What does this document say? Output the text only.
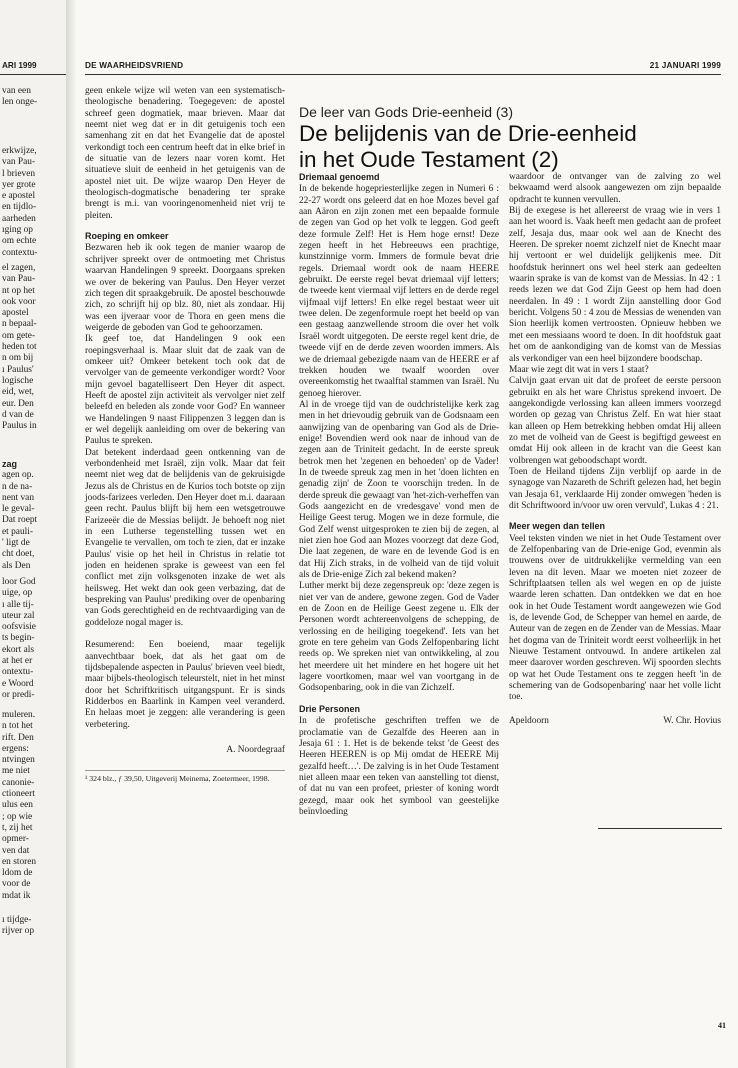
ARI 1999
van een
len onge-
erkwijze,
van Pau-
l brieven
yer grote
e apostel
en tijdlo-
aarheden
ıging op
om echte
contextu-
el zagen,
van Pau-
nt op het
ook voor
apostel
n bepaal-
om gete-
heden tot
n om bij
ı Paulus'
logische
eid, wet,
eur. Den
d van de
Paulus in
zag
agen op.
n de na-
nent van
le geval-
Dat roept
et pauli-
' ligt de
cht doet,
als Den
loor God
uige, op
ı alle tij-
uteur zal
oofsvisie
ts begin-
ekort als
at het er
ontextu-
e Woord
or predi-
muleren.
n tot het
rift. Den
ergens:
ntvingen
me niet
canonie-
ctioneert
ulus een
; op wie
t, zij het
opmer-
ven dat
en storen
ldom de
voor de
mdat ik
ı tijdge-
rijver op
DE WAARHEIDSVRIEND	21 JANUARI 1999

geen enkele wijze wil weten van een systematisch-theologische benadering. Toegegeven: de apostel schreef geen dogmatiek, maar brieven. Maar dat neemt niet weg dat er in dit getuigenis toch een samenhang zit en dat het Evangelie dat de apostel verkondigt toch een centrum heeft dat in elke brief in de situatie van de lezers naar voren komt. Het situatieve sluit de eenheid in het getuigenis van de apostel niet uit. De wijze waarop Den Heyer de theologisch-dogmatische benadering ter sprake brengt is m.i. van vooringenomenheid niet vrij te pleiten.

Roeping en omkeer

Bezwaren heb ik ook tegen de manier waarop de schrijver spreekt over de ontmoeting met Christus waarvan Handelingen 9 spreekt. Doorgaans spreken we over de bekering van Paulus. Den Heyer verzet zich tegen dit spraakgebruik. De apostel beschouwde zich, zo schrijft hij op blz. 80, niet als zondaar. Hij was een ijveraar voor de Thora en geen mens die weigerde de geboden van God te gehoorzamen.

Ik geef toe, dat Handelingen 9 ook een roepingsverhaal is. Maar sluit dat de zaak van de omkeer uit? Omkeer betekent toch ook dat de vervolger van de gemeente verkondiger wordt? Voor mijn gevoel bagatelliseert Den Heyer dit aspect. Heeft de apostel zijn activiteit als vervolger niet zelf beleefd en beleden als zonde voor God? En wanneer we Handelingen 9 naast Filippenzen 3 leggen dan is er wel degelijk aanleiding om over de bekering van Paulus te spreken.

Dat betekent inderdaad geen ontkenning van de verbondenheid met Israël, zijn volk. Maar dat feit neemt niet weg dat de belijdenis van de gekruisigde Jezus als de Christus en de Kurios toch botste op zijn joods-farizees verleden. Den Heyer doet m.i. daaraan geen recht. Paulus blijft bij hem een wetsgetrouwe Farizeeër die de Messias belijdt. Je behoeft nog niet in een Lutherse tegenstelling tussen wet en Evangelie te vervallen, om toch te zien, dat er inzake Paulus' visie op het heil in Christus in relatie tot joden en heidenen sprake is geweest van een fel conflict met zijn volksgenoten inzake de wet als heilsweg. Het wekt dan ook geen verbazing, dat de bespreking van Paulus' prediking over de openbaring van Gods gerechtigheid en de rechtvaardiging van de goddeloze nogal mager is.

Resumerend: Een boeiend, maar tegelijk aanvechtbaar boek, dat als het gaat om de tijdsbepalende aspecten in Paulus' brieven veel biedt, maar bijbels-theologisch teleurstelt, niet in het minst door het Schriftkritisch uitgangspunt. Er is sinds Ridderbos en Baarlink in Kampen veel veranderd. En helaas moet je zeggen: alle verandering is geen verbetering.

A. Noordegraaf
¹ 324 blz., ƒ 39,50, Uitgeverij Meinema, Zoetermeer, 1998.
De leer van Gods Drie-eenheid (3)
De belijdenis van de Drie-eenheid
in het Oude Testament (2)
Driemaal genoemd

In de bekende hogepriesterlijke zegen in Numeri 6 : 22-27 wordt ons geleerd dat en hoe Mozes bevel gaf aan Aäron en zijn zonen met een bepaalde formule de zegen van God op het volk te leggen. God geeft deze formule Zelf! Het is Hem hoge ernst! Deze zegen heeft in het Hebreeuws een prachtige, kunstzinnige vorm. Immers de formule bevat drie regels. Driemaal wordt ook de naam HEERE gebruikt. De eerste regel bevat driemaal vijf letters; de tweede kent viermaal vijf letters en de derde regel vijfmaal vijf letters! En elke regel bestaat weer uit twee delen. De zegenformule roept het beeld op van een gestaag aanzwellende stroom die over het volk Israël wordt uitgegoten. De eerste regel kent drie, de tweede vijf en de derde zeven woorden immers. Als we de driemaal gebezigde naam van de HEERE er af trekken houden we twaalf woorden over overeenkomstig het twaalftal stammen van Israël. Nu genoeg hierover.

Al in de vroege tijd van de oudchristelijke kerk zag men in het drievoudig gebruik van de Godsnaam een aanwijzing van de openbaring van God als de Drie-enige! Bovendien werd ook naar de inhoud van de zegen aan de Triniteit gedacht. In de eerste spreuk betrok men het 'zegenen en behoeden' op de Vader! In de tweede spreuk zag men in het 'doen lichten en genadig zijn' de Zoon te voorschijn treden. In de derde spreuk die gewaagt van 'het-zich-verheffen van Gods aangezicht en de vredesgave' vond men de Heilige Geest terug. Mogen we in deze formule, die God Zelf wenst uitgesproken te zien bij de zegen, al niet zien hoe God aan Mozes voorzegt dat deze God, Die laat zegenen, de ware en de levende God is en dat Hij Zich straks, in de volheid van de tijd voluit als de Drie-enige Zich zal bekend maken?

Luther merkt bij deze zegenspreuk op: 'deze zegen is niet ver van de andere, gewone zegen. God de Vader en de Zoon en de Heilige Geest zegene u. Elk der Personen wordt achtereenvolgens de schepping, de verlossing en de heiliging toegekend'. Iets van het grote en tere geheim van Gods Zelfopenbaring licht reeds op. We spreken niet van ontwikkeling, al zou het meerdere uit het mindere en het hogere uit het lagere voortkomen, maar wel van voortgang in de Godsopenbaring, ook in die van Zichzelf.

Drie Personen

In de profetische geschriften treffen we de proclamatie van de Gezalfde des Heeren aan in Jesaja 61 : 1. Het is de bekende tekst 'de Geest des Heeren HEEREN is op Mij omdat de HEERE Mij gezalfd heeft…'. De zalving is in het Oude Testament niet alleen maar een teken van aanstelling tot dienst, of dat nu van een profeet, priester of koning wordt gezegd, maar ook het symbool van geestelijke beïnvloeding

waardoor de ontvanger van de zalving zo wel bekwaamd werd alsook aangewezen om zijn bepaalde opdracht te kunnen vervullen.

Bij de exegese is het allereerst de vraag wie in vers 1 aan het woord is. Vaak heeft men gedacht aan de profeet zelf, Jesaja dus, maar ook wel aan de Knecht des Heeren. De spreker noemt zichzelf niet de Knecht maar hij vertoont er wel duidelijk gelijkenis mee. Dit hoofdstuk herinnert ons wel heel sterk aan gedeelten waarin sprake is van de komst van de Messias. In 42 : 1 reeds lezen we dat God Zijn Geest op hem had doen neerdalen. In 49 : 1 wordt Zijn aanstelling door God bericht. Volgens 50 : 4 zou de Messias de wenenden van Sion heerlijk komen vertroosten. Opnieuw hebben we met een messiaans woord te doen. In dit hoofdstuk gaat het om de aankondiging van de komst van de Messias als verkondiger van een heel bijzondere boodschap.

Maar wie zegt dit wat in vers 1 staat?

Calvijn gaat ervan uit dat de profeet de eerste persoon gebruikt en als het ware Christus sprekend invoert. De aangekondigde verlossing kan alleen immers voorzegd worden op gezag van Christus Zelf. En wat hier staat kan alleen op Hem betrekking hebben omdat Hij alleen zo met de volheid van de Geest is begiftigd geweest en omdat Hij ook alleen in de kracht van die Geest kan volbrengen wat geboodschapt wordt.

Toen de Heiland tijdens Zijn verblijf op aarde in de synagoge van Nazareth de Schrift gelezen had, het begin van Jesaja 61, verklaarde Hij zonder omwegen 'heden is dit Schriftwoord in/voor uw oren vervuld', Lukas 4 : 21.

Meer wegen dan tellen

Veel teksten vinden we niet in het Oude Testament over de Zelfopenbaring van de Drie-enige God, evenmin als trouwens over de uitdrukkelijke vermelding van een leven na dit leven. Maar we moeten niet zozeer de Schriftplaatsen tellen als wel wegen en op de juiste waarde leren schatten. Dan ontdekken we dat en hoe ook in het Oude Testament wordt aangewezen wie God is, de levende God, de Schepper van hemel en aarde, de Auteur van de zegen en de Zender van de Messias. Maar het dogma van de Triniteit wordt eerst volheerlijk in het Nieuwe Testament ontvouwd. In andere artikelen zal meer daarover worden geschreven. Wij spoorden slechts op wat het Oude Testament ons te zeggen heeft 'in de schemering van de Godsopenbaring' naar het volle licht toe.

Apeldoorn	W. Chr. Hovius
41
